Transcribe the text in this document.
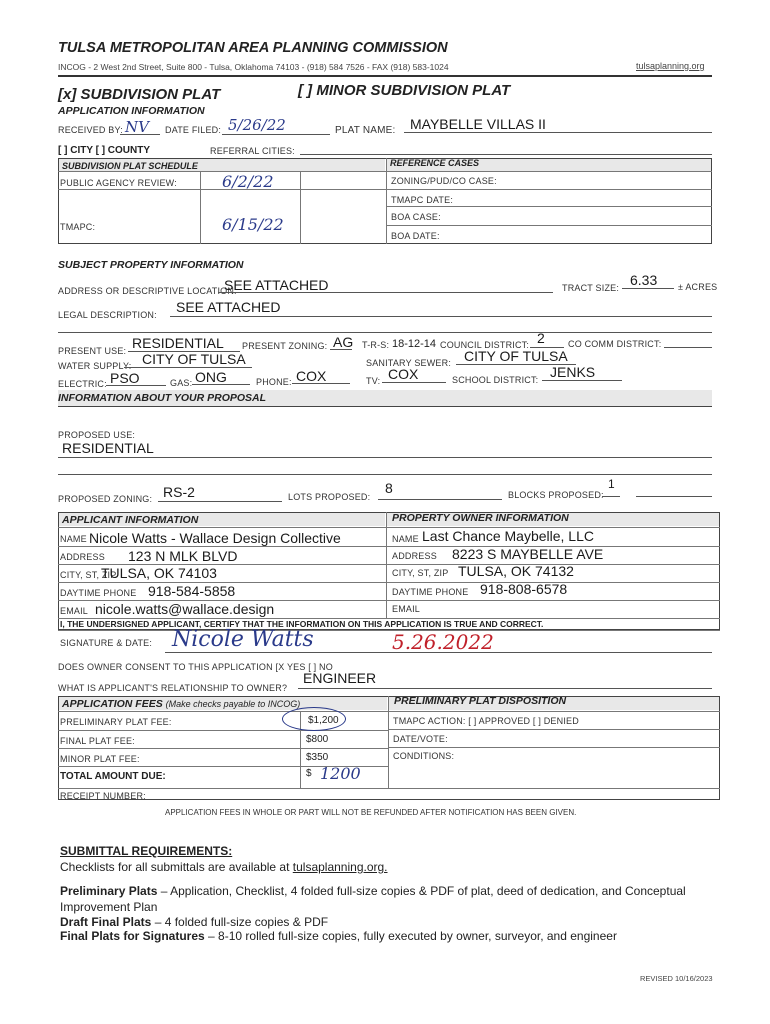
TULSA METROPOLITAN AREA PLANNING COMMISSION
INCOG - 2 West 2nd Street, Suite 800 - Tulsa, Oklahoma 74103 - (918) 584 7526 - FAX (918) 583-1024	tulsaplanning.org
[x] SUBDIVISION PLAT	[ ] MINOR SUBDIVISION PLAT
APPLICATION INFORMATION
RECEIVED BY: NV DATE FILED: 5/26/22	PLAT NAME: MAYBELLE VILLAS II
[ ] CITY [ ] COUNTY	REFERRAL CITIES:
SUBDIVISION PLAT SCHEDULE	REFERENCE CASES
PUBLIC AGENCY REVIEW:	6/2/22
TMAPC:	6/15/22
ZONING/PUD/CO CASE:
TMAPC DATE:
BOA CASE:
BOA DATE:
SUBJECT PROPERTY INFORMATION
ADDRESS OR DESCRIPTIVE LOCATION:
SEE ATTACHED	TRACT SIZE: 6.33 ± ACRES
LEGAL DESCRIPTION: SEE ATTACHED
PRESENT USE: RESIDENTIAL PRESENT ZONING: AG T-R-S: 18-12-14 COUNCIL DISTRICT: 2	CO COMM DISTRICT:
WATER SUPPLY: CITY OF TULSA	SANITARY SEWER: CITY OF TULSA
ELECTRIC: PSO	GAS: ONG	PHONE: COX	TV: COX	SCHOOL DISTRICT: JENKS
INFORMATION ABOUT YOUR PROPOSAL
PROPOSED USE:
RESIDENTIAL
PROPOSED ZONING: RS-2	LOTS PROPOSED:
8	BLOCKS PROPOSED:
1
APPLICANT INFORMATION	PROPERTY OWNER INFORMATION
NAME Nicole Watts - Wallace Design Collective
ADDRESS 123 N MLK BLVD
CITY, ST, ZIP
TULSA, OK 74103
DAYTIME PHONE 918-584-5858
EMAIL nicole.watts@wallace.design
NAME Last Chance Maybelle, LLC
ADDRESS 8223 S MAYBELLE AVE
CITY, ST, ZIP TULSA, OK 74132
DAYTIME PHONE 918-808-6578
EMAIL
I, THE UNDERSIGNED APPLICANT, CERTIFY THAT THE INFORMATION ON THIS APPLICATION IS TRUE AND CORRECT.
SIGNATURE & DATE: Nicole Watts	5.26.2022
DOES OWNER CONSENT TO THIS APPLICATION [X YES [ ] NO
WHAT IS APPLICANT'S RELATIONSHIP TO OWNER?
ENGINEER
APPLICATION FEES (Make checks payable to INCOG)	PRELIMINARY PLAT DISPOSITION
PRELIMINARY PLAT FEE:	$1,200
FINAL PLAT FEE:	$800
MINOR PLAT FEE:	$350
TOTAL AMOUNT DUE:	$ 1200
RECEIPT NUMBER:
TMAPC ACTION: [ ] APPROVED [ ] DENIED
DATE/VOTE:
CONDITIONS:
APPLICATION FEES IN WHOLE OR PART WILL NOT BE REFUNDED AFTER NOTIFICATION HAS BEEN GIVEN.
SUBMITTAL REQUIREMENTS:
Checklists for all submittals are available at tulsaplanning.org.
Preliminary Plats – Application, Checklist, 4 folded full-size copies & PDF of plat, deed of dedication, and Conceptual
Improvement Plan
Draft Final Plats – 4 folded full-size copies & PDF
Final Plats for Signatures – 8-10 rolled full-size copies, fully executed by owner, surveyor, and engineer
REVISED 10/16/2023
